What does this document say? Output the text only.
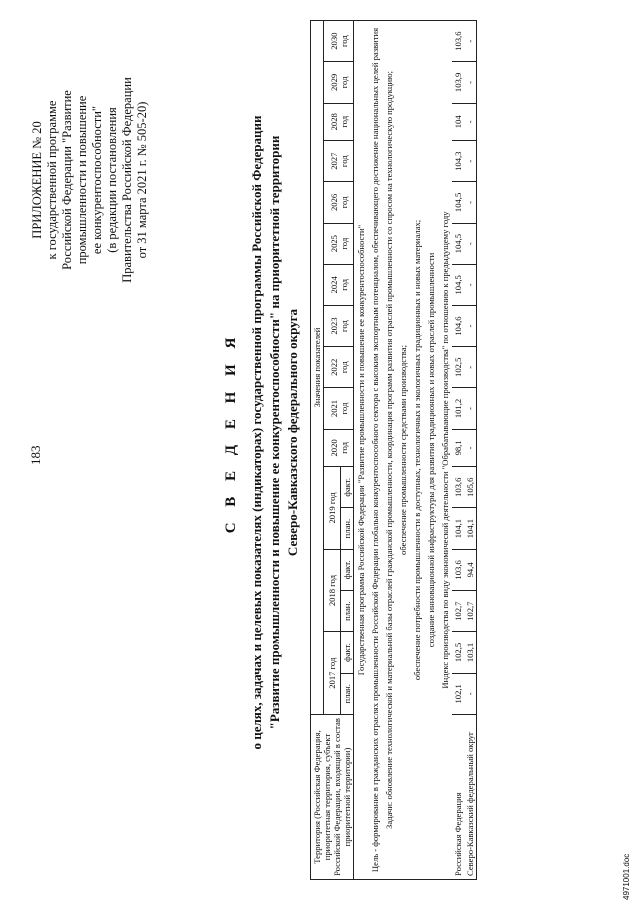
183
ПРИЛОЖЕНИЕ № 20 к государственной программе Российской Федерации "Развитие промышленности и повышение ее конкурентоспособности" (в редакции постановления Правительства Российской Федерации от 31 марта 2021 г. № 505-20)
С В Е Д Е Н И Я о целях, задачах и целевых показателях (индикаторах) государственной программы Российской Федерации "Развитие промышленности и повышение ее конкурентоспособности" на приоритетной территории Северо-Кавказского федерального округа
Территория (Российская Федерация, приоритетная территория, субъект Российской Федерации, входящий в состав приоритетной территории)	Значения показателей																
	2017 год		2018 год		2019 год		2020 год	2021 год	2022 год	2023 год	2024 год	2025 год	2026 год	2027 год	2028 год	2029 год	2030 год

	план.	факт.	план.	факт.	план.	факт.											
Государственная программа Российской Федерации "Развитие промышленности и повышение ее конкурентоспособности"																	
Цель - формирование в гражданских отраслях промышленности Российской Федерации глобально конкурентоспособного сектора с высоким экспортным потенциалом, обеспечивающего достижение национальных целей развития																	
Задачи: обновление технологической и материальной базы отраслей гражданской промышленности, координация программ развития отраслей промышленности со спросом на технологическую продукцию;																	
обеспечение промышленности средствами производства;																	
обеспечение потребности промышленности в доступных, технологичных и экологичных традиционных и новых материалах;																	
создание инновационной инфраструктуры для развития традиционных и новых отраслей промышленности																	
Индекс производства по виду экономической деятельности "Обрабатывающие производства" по отношению к предыдущему году																	
Российская Федерация	102,1	102,5	102,7	103,6	104,1	103,6	98,1	101,2	102,5	104,6	104,5	104,5	104,5	104,3	104	103,9	103,6
Северо-Кавказский федеральный округ	-	103,1	102,7	94,4	104,1	105,6	-	-	-	-	-	-	-	-	-	-	-
4971001.doc
